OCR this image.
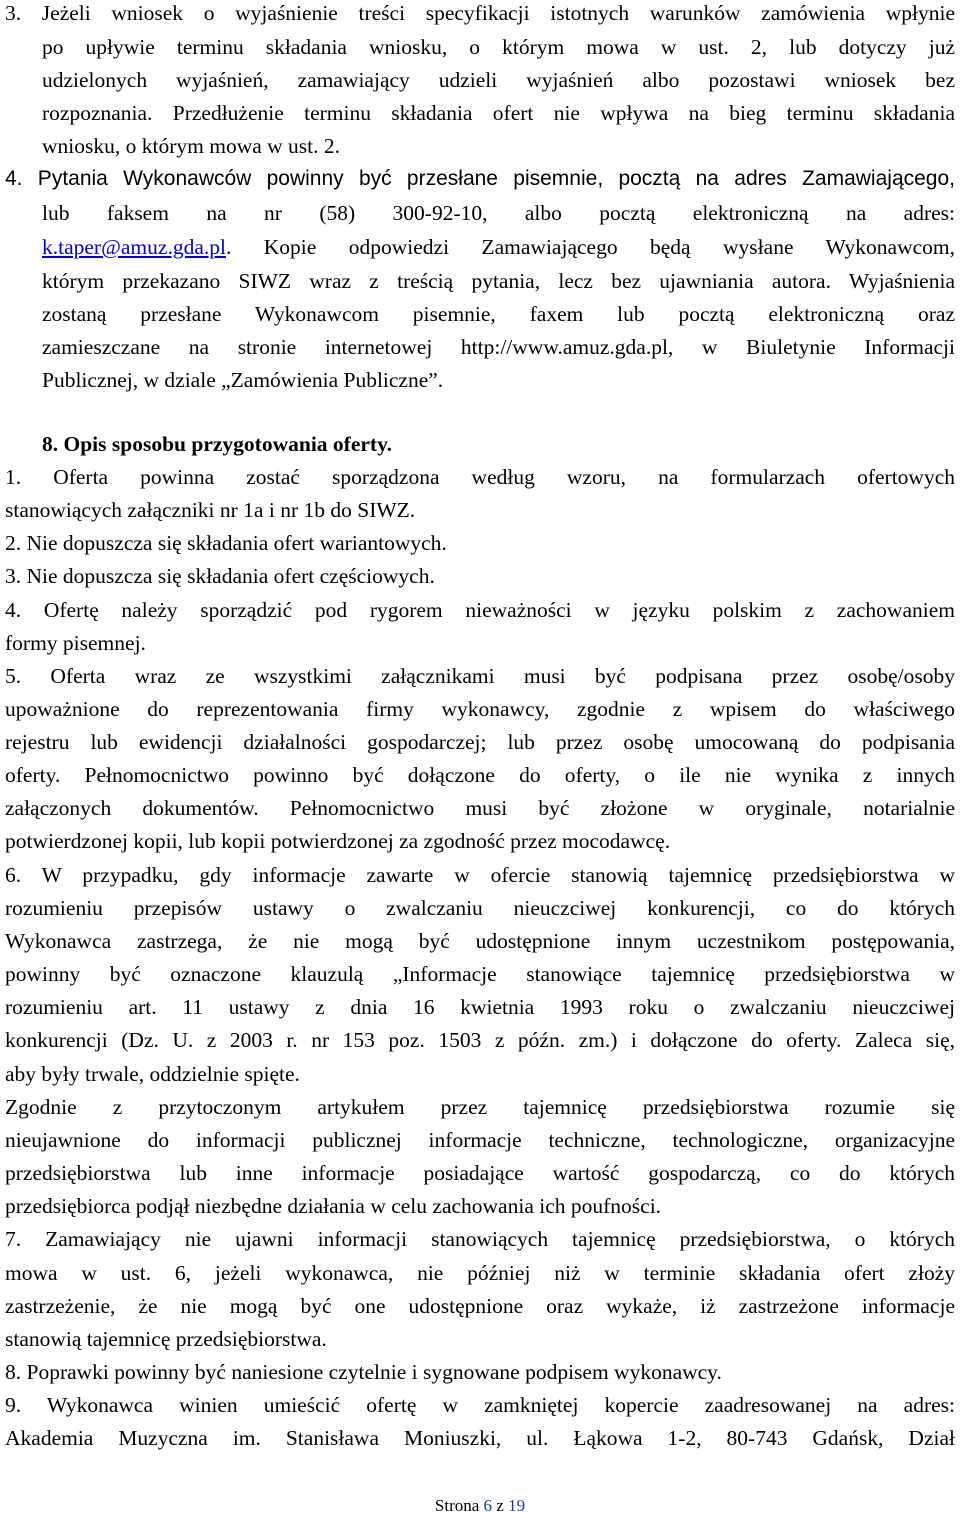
3. Jeżeli wniosek o wyjaśnienie treści specyfikacji istotnych warunków zamówienia wpłynie
po upływie terminu składania wniosku, o którym mowa w ust. 2, lub dotyczy już
udzielonych wyjaśnień, zamawiający udzieli wyjaśnień albo pozostawi wniosek bez
rozpoznania. Przedłużenie terminu składania ofert nie wpływa na bieg terminu składania
wniosku, o którym mowa w ust. 2.
4. Pytania Wykonawców powinny być przesłane pisemnie, pocztą na adres Zamawiającego,
lub faksem na nr (58) 300-92-10, albo pocztą elektroniczną na adres:
k.taper@amuz.gda.pl. Kopie odpowiedzi Zamawiającego będą wysłane Wykonawcom,
którym przekazano SIWZ wraz z treścią pytania, lecz bez ujawniania autora. Wyjaśnienia
zostaną przesłane Wykonawcom pisemnie, faxem lub pocztą elektroniczną oraz
zamieszczane na stronie internetowej http://www.amuz.gda.pl, w Biuletynie Informacji
Publicznej, w dziale „Zamówienia Publiczne”.
8. Opis sposobu przygotowania oferty.
1. Oferta powinna zostać sporządzona według wzoru, na formularzach ofertowych
stanowiących załączniki nr 1a i nr 1b do SIWZ.
2. Nie dopuszcza się składania ofert wariantowych.
3. Nie dopuszcza się składania ofert częściowych.
4. Ofertę należy sporządzić pod rygorem nieważności w języku polskim z zachowaniem
formy pisemnej.
5. Oferta wraz ze wszystkimi załącznikami musi być podpisana przez osobę/osoby
upoważnione do reprezentowania firmy wykonawcy, zgodnie z wpisem do właściwego
rejestru lub ewidencji działalności gospodarczej; lub przez osobę umocowaną do podpisania
oferty. Pełnomocnictwo powinno być dołączone do oferty, o ile nie wynika z innych
załączonych dokumentów. Pełnomocnictwo musi być złożone w oryginale, notarialnie
potwierdzonej kopii, lub kopii potwierdzonej za zgodność przez mocodawcę.
6. W przypadku, gdy informacje zawarte w ofercie stanowią tajemnicę przedsiębiorstwa w
rozumieniu przepisów ustawy o zwalczaniu nieuczciwej konkurencji, co do których
Wykonawca zastrzega, że nie mogą być udostępnione innym uczestnikom postępowania,
powinny być oznaczone klauzulą „Informacje stanowiące tajemnicę przedsiębiorstwa w
rozumieniu art. 11 ustawy z dnia 16 kwietnia 1993 roku o zwalczaniu nieuczciwej
konkurencji (Dz. U. z 2003 r. nr 153 poz. 1503 z późn. zm.) i dołączone do oferty. Zaleca się,
aby były trwale, oddzielnie spięte.
Zgodnie z przytoczonym artykułem przez tajemnicę przedsiębiorstwa rozumie się
nieujawnione do informacji publicznej informacje techniczne, technologiczne, organizacyjne
przedsiębiorstwa lub inne informacje posiadające wartość gospodarczą, co do których
przedsiębiorca podjął niezbędne działania w celu zachowania ich poufności.
7. Zamawiający nie ujawni informacji stanowiących tajemnicę przedsiębiorstwa, o których
mowa w ust. 6, jeżeli wykonawca, nie później niż w terminie składania ofert złoży
zastrzeżenie, że nie mogą być one udostępnione oraz wykaże, iż zastrzeżone informacje
stanowią tajemnicę przedsiębiorstwa.
8. Poprawki powinny być naniesione czytelnie i sygnowane podpisem wykonawcy.
9. Wykonawca winien umieścić ofertę w zamkniętej kopercie zaadresowanej na adres:
Akademia Muzyczna im. Stanisława Moniuszki, ul. Łąkowa 1-2, 80-743 Gdańsk, Dział
Strona 6 z 19
